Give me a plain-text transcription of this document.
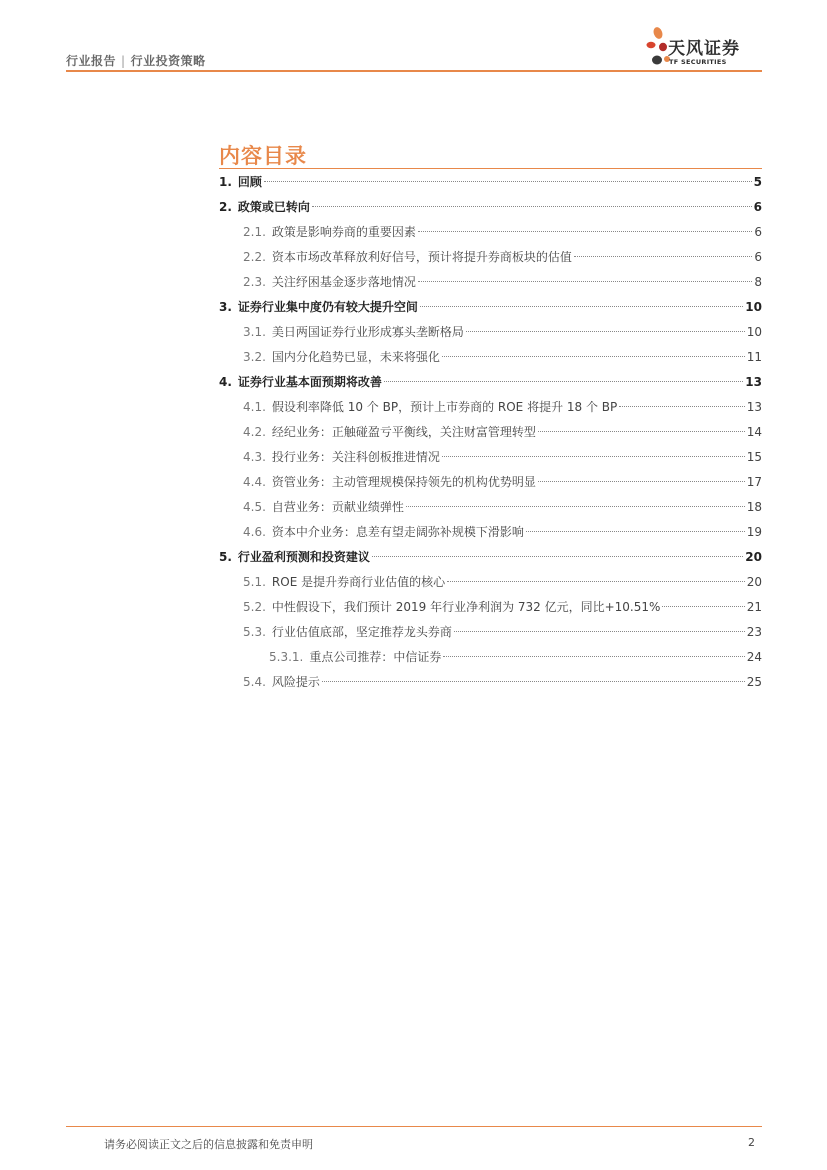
行业报告 | 行业投资策略
天风证券
TF SECURITIES
内容目录
1. 回顾	5
2. 政策或已转向	6
2.1. 政策是影响券商的重要因素	6
2.2. 资本市场改革释放利好信号，预计将提升券商板块的估值	6
2.3. 关注纾困基金逐步落地情况	8
3. 证券行业集中度仍有较大提升空间	10
3.1. 美日两国证券行业形成寡头垄断格局	10
3.2. 国内分化趋势已显，未来将强化	11
4. 证券行业基本面预期将改善	13
4.1. 假设利率降低 10 个 BP，预计上市券商的 ROE 将提升 18 个 BP	13
4.2. 经纪业务：正触碰盈亏平衡线，关注财富管理转型	14
4.3. 投行业务：关注科创板推进情况	15
4.4. 资管业务：主动管理规模保持领先的机构优势明显	17
4.5. 自营业务：贡献业绩弹性	18
4.6. 资本中介业务：息差有望走阔弥补规模下滑影响	19
5. 行业盈利预测和投资建议	20
5.1. ROE 是提升券商行业估值的核心	20
5.2. 中性假设下，我们预计 2019 年行业净利润为 732 亿元，同比+10.51%	21
5.3. 行业估值底部，坚定推荐龙头券商	23
5.3.1. 重点公司推荐：中信证券	24
5.4. 风险提示	25
请务必阅读正文之后的信息披露和免责申明	2
